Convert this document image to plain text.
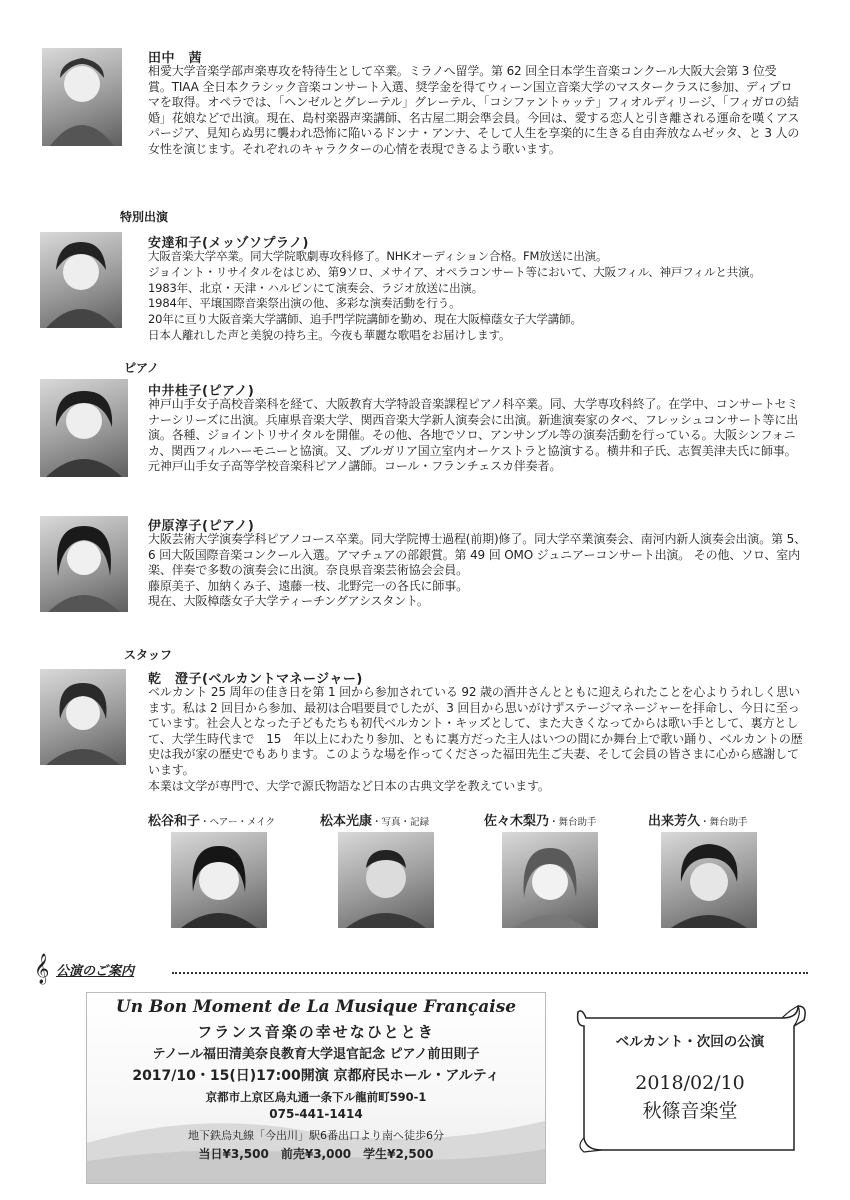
田中　茜
相愛大学音楽学部声楽専攻を特待生として卒業。ミラノへ留学。第 62 回全日本学生音楽コンクール大阪大会第 3 位受賞。TIAA 全日本クラシック音楽コンサート入選、奨学金を得てウィーン国立音楽大学のマスタークラスに参加、ディプロマを取得。オペラでは、「ヘンゼルとグレーテル」グレーテル、「コシファントゥッテ」フィオルディリージ、「フィガロの結婚」花娘などで出演。現在、島村楽器声楽講師、名古屋二期会準会員。今回は、愛する恋人と引き離される運命を嘆くアスパージア、見知らぬ男に襲われ恐怖に陥いるドンナ・アンナ、そして人生を享楽的に生きる自由奔放なムゼッタ、と 3 人の女性を演じます。それぞれのキャラクターの心情を表現できるよう歌います。
特別出演
安達和子(メッゾソプラノ)
大阪音楽大学卒業。同大学院歌劇専攻科修了。NHKオーディション合格。FM放送に出演。
ジョイント・リサイタルをはじめ、第9ソロ、メサイア、オペラコンサート等において、大阪フィル、神戸フィルと共演。
1983年、北京・天津・ハルピンにて演奏会、ラジオ放送に出演。
1984年、平壌国際音楽祭出演の他、多彩な演奏活動を行う。
20年に亘り大阪音楽大学講師、追手門学院講師を勤め、現在大阪樟蔭女子大学講師。
日本人離れした声と美貌の持ち主。今夜も華麗な歌唱をお届けします。
ピアノ
中井桂子(ピアノ)
神戸山手女子高校音楽科を経て、大阪教育大学特設音楽課程ピアノ科卒業。同、大学専攻科終了。在学中、コンサートセミナーシリーズに出演。兵庫県音楽大学、関西音楽大学新人演奏会に出演。新進演奏家のタベ、フレッシュコンサート等に出演。各種、ジョイントリサイタルを開催。その他、各地でソロ、アンサンブル等の演奏活動を行っている。大阪シンフォニカ、関西フィルハーモニーと協演。又、ブルガリア国立室内オーケストラと協演する。横井和子氏、志賀美津夫氏に師事。
元神戸山手女子高等学校音楽科ピアノ講師。コール・フランチェスカ伴奏者。
伊原淳子(ピアノ)
大阪芸術大学演奏学科ピアノコース卒業。同大学院博士過程(前期)修了。同大学卒業演奏会、南河内新人演奏会出演。第 5、6 回大阪国際音楽コンクール入選。アマチュアの部銀賞。第 49 回 OMO ジュニアーコンサート出演。 その他、ソロ、室内楽、伴奏で多数の演奏会に出演。奈良県音楽芸術協会会員。
藤原美子、加納くみ子、遠藤一枝、北野完一の各氏に師事。
現在、大阪樟蔭女子大学ティーチングアシスタント。
スタッフ
乾　澄子(ベルカントマネージャー)
ベルカント 25 周年の佳き日を第 1 回から参加されている 92 歳の酒井さんとともに迎えられたことを心よりうれしく思います。私は 2 回目から参加、最初は合唱要員でしたが、3 回目から思いがけずステージマネージャーを拝命し、今日に至っています。社会人となった子どもたちも初代ベルカント・キッズとして、また大きくなってからは歌い手として、裏方として、大学生時代まで　15　年以上にわたり参加、ともに裏方だった主人はいつの間にか舞台上で歌い踊り、ベルカントの歴史は我が家の歴史でもあります。このような場を作ってくださった福田先生ご夫妻、そして会員の皆さまに心から感謝しています。
本業は文学が専門で、大学で源氏物語など日本の古典文学を教えています。
松谷和子・ヘアー・メイク	松本光康・写真・記録	佐々木梨乃・舞台助手	出来芳久・舞台助手
𝄞 公演のご案内
Un Bon Moment de La Musique Française
フランス音楽の幸せなひととき
テノール福田清美奈良教育大学退官記念 ピアノ前田則子
2017/10・15(日)17:00開演 京都府民ホール・アルティ
京都市上京区烏丸通一条下ル龍前町590-1
075-441-1414
地下鉄烏丸線「今出川」駅6番出口より南へ徒歩6分
当日¥3,500　前売¥3,000　学生¥2,500
ベルカント・次回の公演
2018/02/10
秋篠音楽堂
